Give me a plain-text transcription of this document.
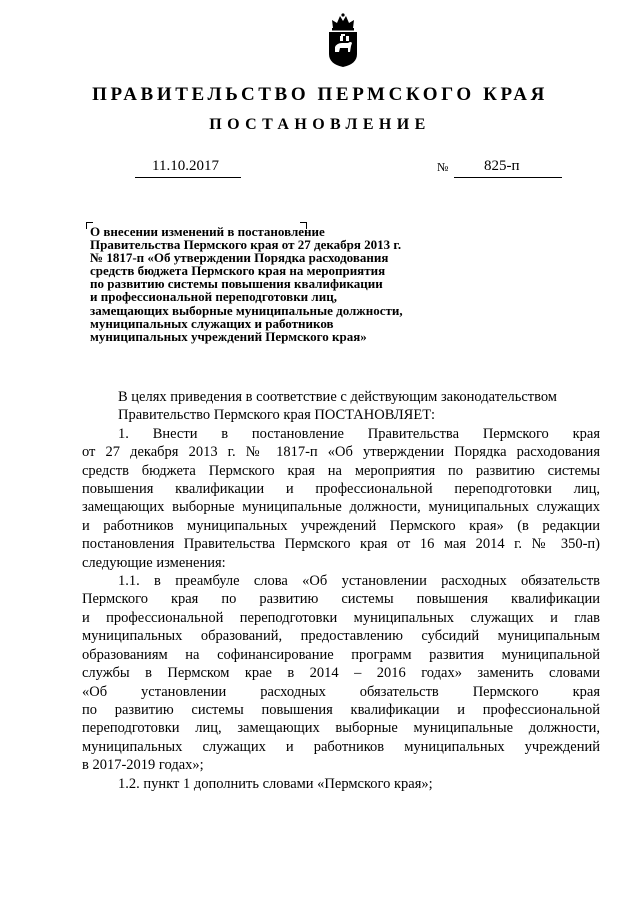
ПРАВИТЕЛЬСТВО ПЕРМСКОГО КРАЯ
ПОСТАНОВЛЕНИЕ
11.10.2017	№ 825-п
О внесении изменений в постановление
Правительства Пермского края от 27 декабря 2013 г.
№ 1817-п «Об утверждении Порядка расходования
средств бюджета Пермского края на мероприятия
по развитию системы повышения квалификации
и профессиональной переподготовки лиц,
замещающих выборные муниципальные должности,
муниципальных служащих и работников
муниципальных учреждений Пермского края»
В целях приведения в соответствие с действующим законодательством
Правительство Пермского края ПОСТАНОВЛЯЕТ:
1. Внести в постановление Правительства Пермского края
от 27 декабря 2013 г. № 1817-п «Об утверждении Порядка расходования
средств бюджета Пермского края на мероприятия по развитию системы
повышения квалификации и профессиональной переподготовки лиц,
замещающих выборные муниципальные должности, муниципальных служащих
и работников муниципальных учреждений Пермского края» (в редакции
постановления Правительства Пермского края от 16 мая 2014 г. № 350-п)
следующие изменения:
1.1. в преамбуле слова «Об установлении расходных обязательств
Пермского края по развитию системы повышения квалификации
и профессиональной переподготовки муниципальных служащих и глав
муниципальных образований, предоставлению субсидий муниципальным
образованиям на софинансирование программ развития муниципальной
службы в Пермском крае в 2014 – 2016 годах» заменить словами
«Об установлении расходных обязательств Пермского края
по развитию системы повышения квалификации и профессиональной
переподготовки лиц, замещающих выборные муниципальные должности,
муниципальных служащих и работников муниципальных учреждений
в 2017-2019 годах»;
1.2. пункт 1 дополнить словами «Пермского края»;
